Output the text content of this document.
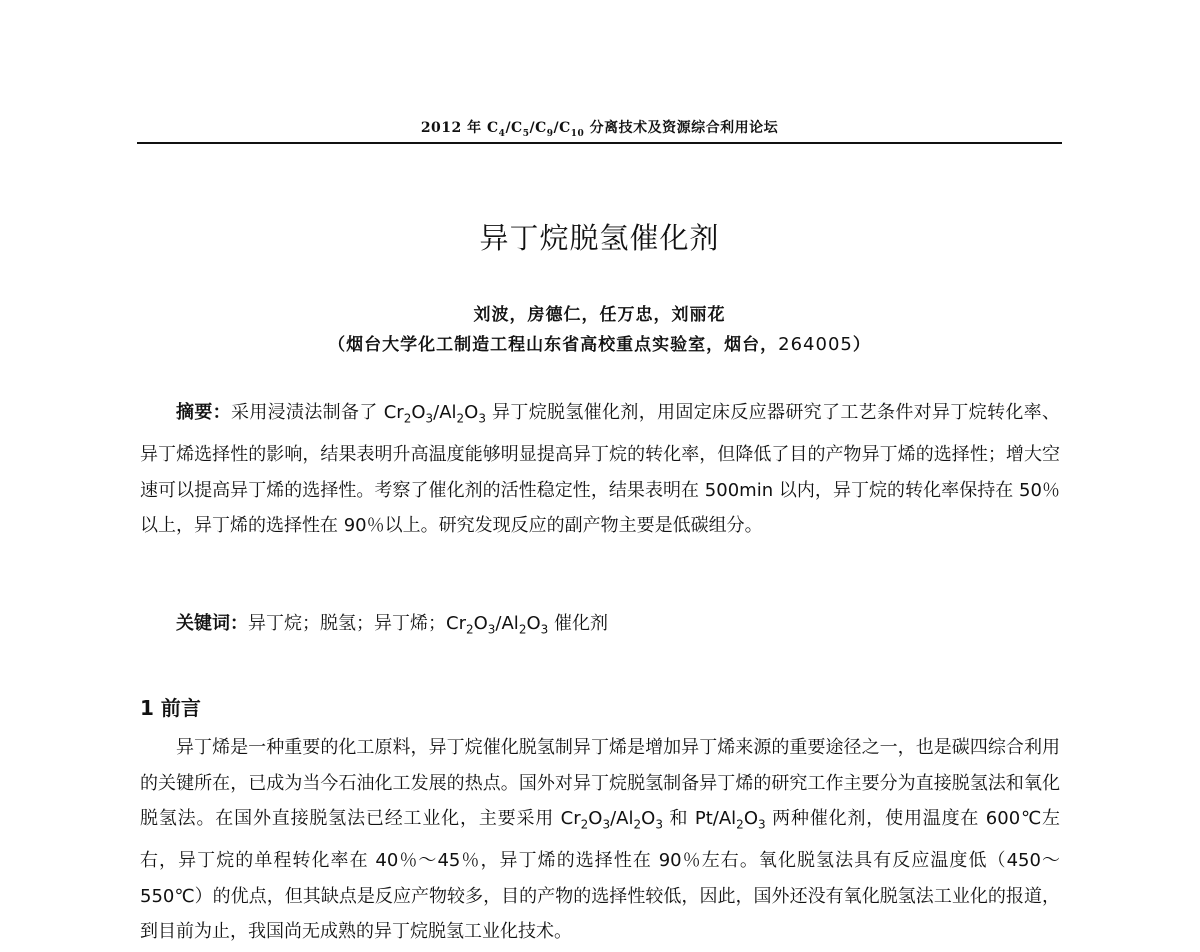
2012 年 $C_4/C_5/C_9/C_{10}$ 分离技术及资源综合利用论坛
异丁烷脱氢催化剂
刘波，房德仁，任万忠，刘丽花
（烟台大学化工制造工程山东省高校重点实验室，烟台，264005）
摘要：采用浸渍法制备了 $Cr_2O_3/Al_2O_3$ 异丁烷脱氢催化剂，用固定床反应器研究了工艺条件对异丁烷转化率、异丁烯选择性的影响，结果表明升高温度能够明显提高异丁烷的转化率，但降低了目的产物异丁烯的选择性；增大空速可以提高异丁烯的选择性。考察了催化剂的活性稳定性，结果表明在 500min 以内，异丁烷的转化率保持在 50％以上，异丁烯的选择性在 90％以上。研究发现反应的副产物主要是低碳组分。
关键词：异丁烷；脱氢；异丁烯；$Cr_2O_3/Al_2O_3$ 催化剂
1 前言
异丁烯是一种重要的化工原料，异丁烷催化脱氢制异丁烯是增加异丁烯来源的重要途径之一，也是碳四综合利用的关键所在，已成为当今石油化工发展的热点。国外对异丁烷脱氢制备异丁烯的研究工作主要分为直接脱氢法和氧化脱氢法。在国外直接脱氢法已经工业化，主要采用 $Cr_2O_3/Al_2O_3$ 和 $Pt/Al_2O_3$ 两种催化剂，使用温度在 600℃左右，异丁烷的单程转化率在 40％～45％，异丁烯的选择性在 90％左右。氧化脱氢法具有反应温度低（450～550℃）的优点，但其缺点是反应产物较多，目的产物的选择性较低，因此，国外还没有氧化脱氢法工业化的报道，到目前为止，我国尚无成熟的异丁烷脱氢工业化技术。
